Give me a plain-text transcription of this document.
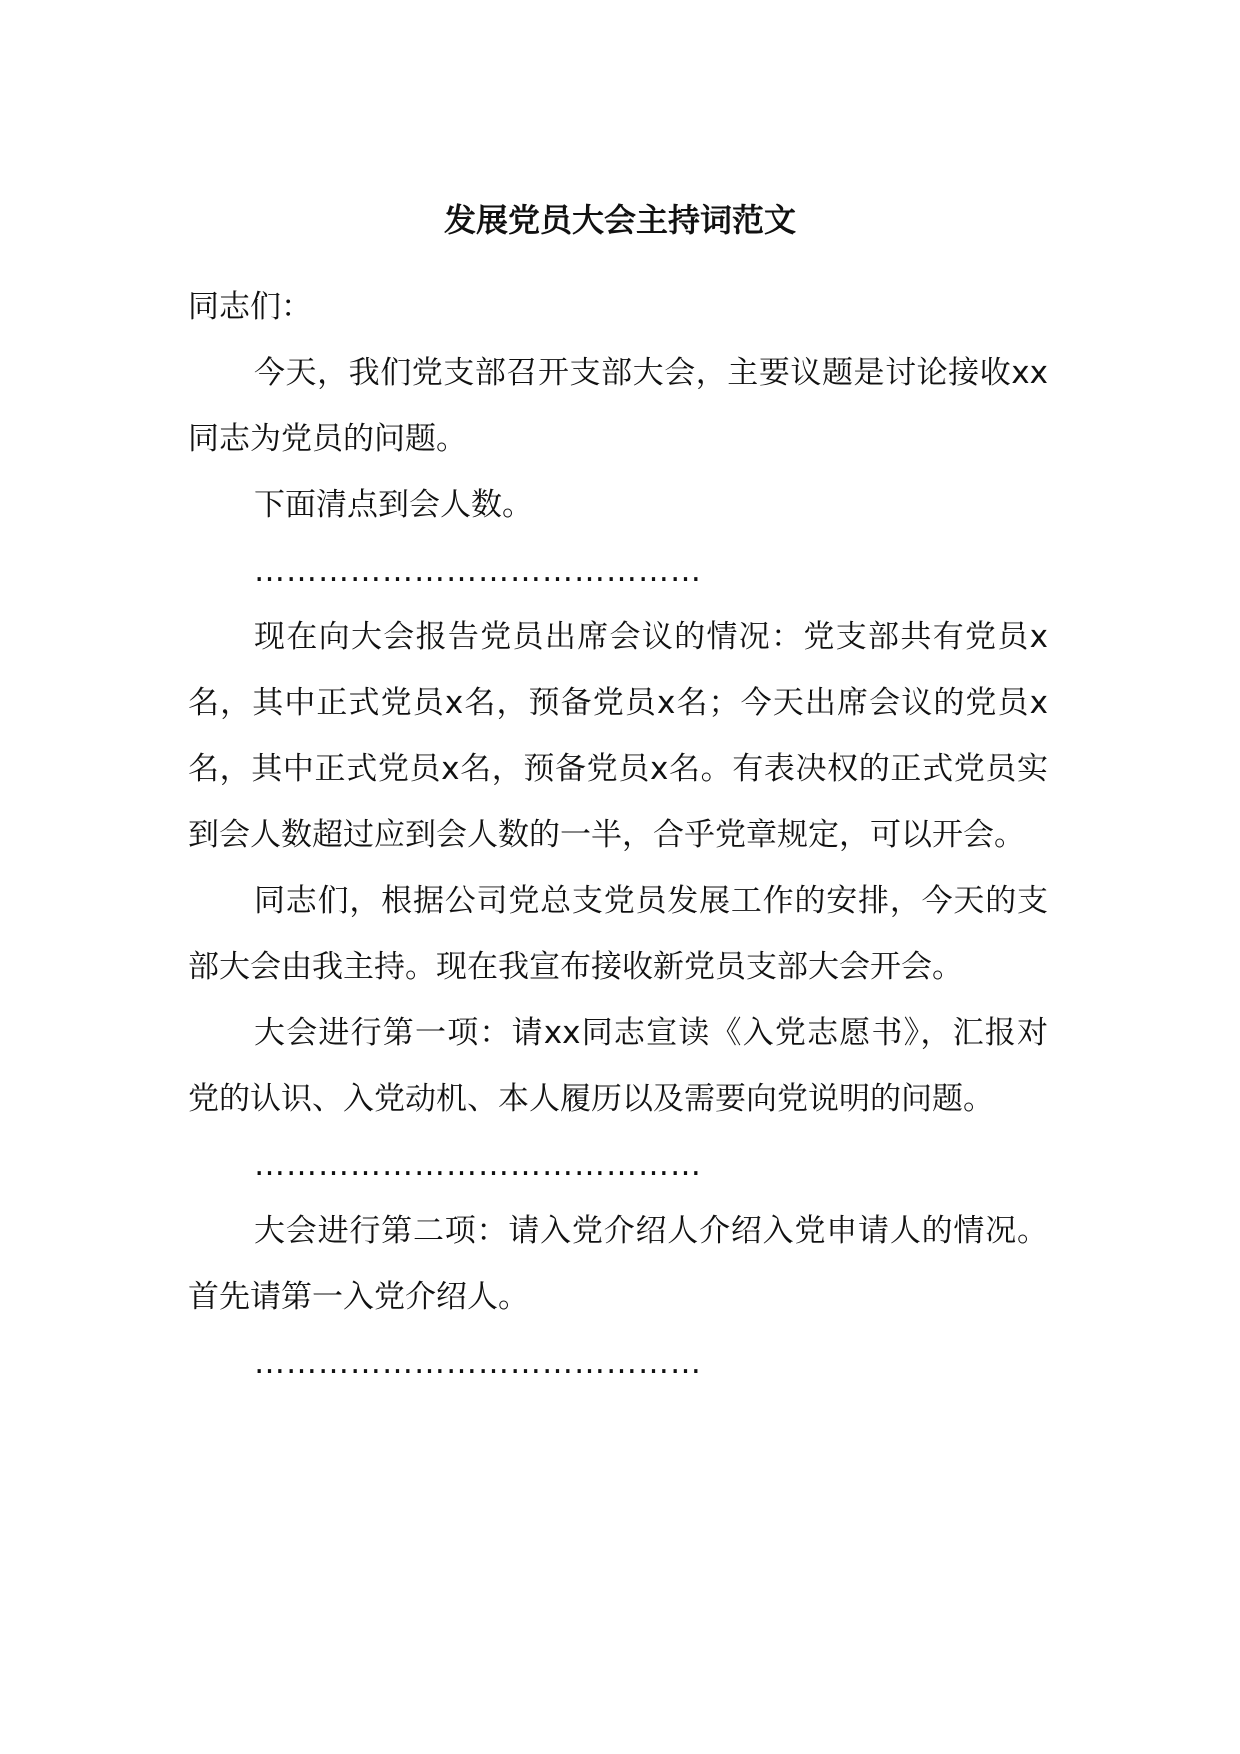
发展党员大会主持词范文

同志们：

今天，我们党支部召开支部大会，主要议题是讨论接收xx同志为党员的问题。

下面清点到会人数。

……………………………………

现在向大会报告党员出席会议的情况：党支部共有党员x名，其中正式党员x名，预备党员x名；今天出席会议的党员x名，其中正式党员x名，预备党员x名。有表决权的正式党员实到会人数超过应到会人数的一半，合乎党章规定，可以开会。

同志们，根据公司党总支党员发展工作的安排，今天的支部大会由我主持。现在我宣布接收新党员支部大会开会。

大会进行第一项：请xx同志宣读《入党志愿书》，汇报对党的认识、入党动机、本人履历以及需要向党说明的问题。

……………………………………

大会进行第二项：请入党介绍人介绍入党申请人的情况。首先请第一入党介绍人。

……………………………………
